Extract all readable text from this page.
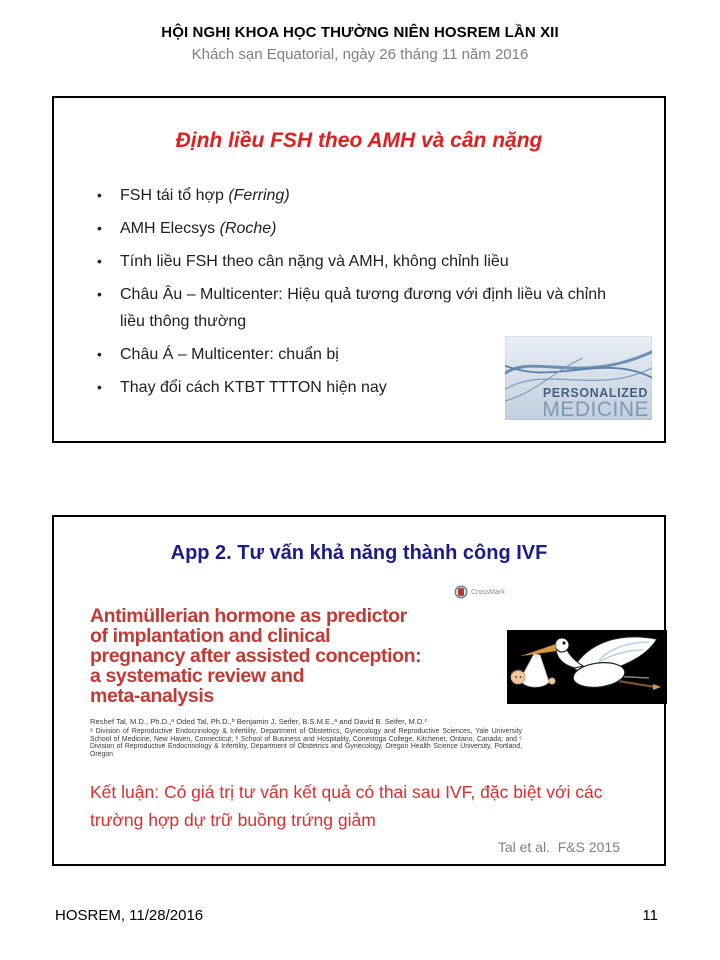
HỘI NGHỊ KHOA HỌC THƯỜNG NIÊN HOSREM LẦN XII
Khách sạn Equatorial, ngày 26 tháng 11 năm 2016
Định liều FSH theo AMH và cân nặng
•	FSH tái tổ hợp (Ferring)
•	AMH Elecsys (Roche)
•	Tính liều FSH theo cân nặng và AMH, không chỉnh liều
•	Châu Âu – Multicenter: Hiệu quả tương đương với định liều và chỉnh liều thông thường
•	Châu Á – Multicenter: chuẩn bị
•	Thay đổi cách KTBT TTTON hiện nay	PERSONALIZED
MEDICINE
App 2. Tư vấn khả năng thành công IVF
CrossMark
Antimüllerian hormone as predictor
of implantation and clinical
pregnancy after assisted conception:
a systematic review and
meta-analysis
Reshef Tal, M.D., Ph.D.,ᵃ Oded Tal, Ph.D.,ᵇ Benjamin J. Seifer, B.S.M.E.,ᵃ and David B. Seifer, M.D.ᶜ
ᵃ Division of Reproductive Endocrinology & Infertility, Department of Obstetrics, Gynecology and Reproductive Sciences, Yale University School of Medicine, New Haven, Connecticut; ᵇ School of Business and Hospitality, Conestoga College, Kitchener, Ontario, Canada; and ᶜ Division of Reproductive Endocrinology & Infertility, Department of Obstetrics and Gynecology, Oregon Health Science University, Portland, Oregon
Kết luận: Có giá trị tư vấn kết quả có thai sau IVF, đặc biệt với các trường hợp dự trữ buồng trứng giảm
Tal et al.  F&S 2015
HOSREM, 11/28/2016	11
